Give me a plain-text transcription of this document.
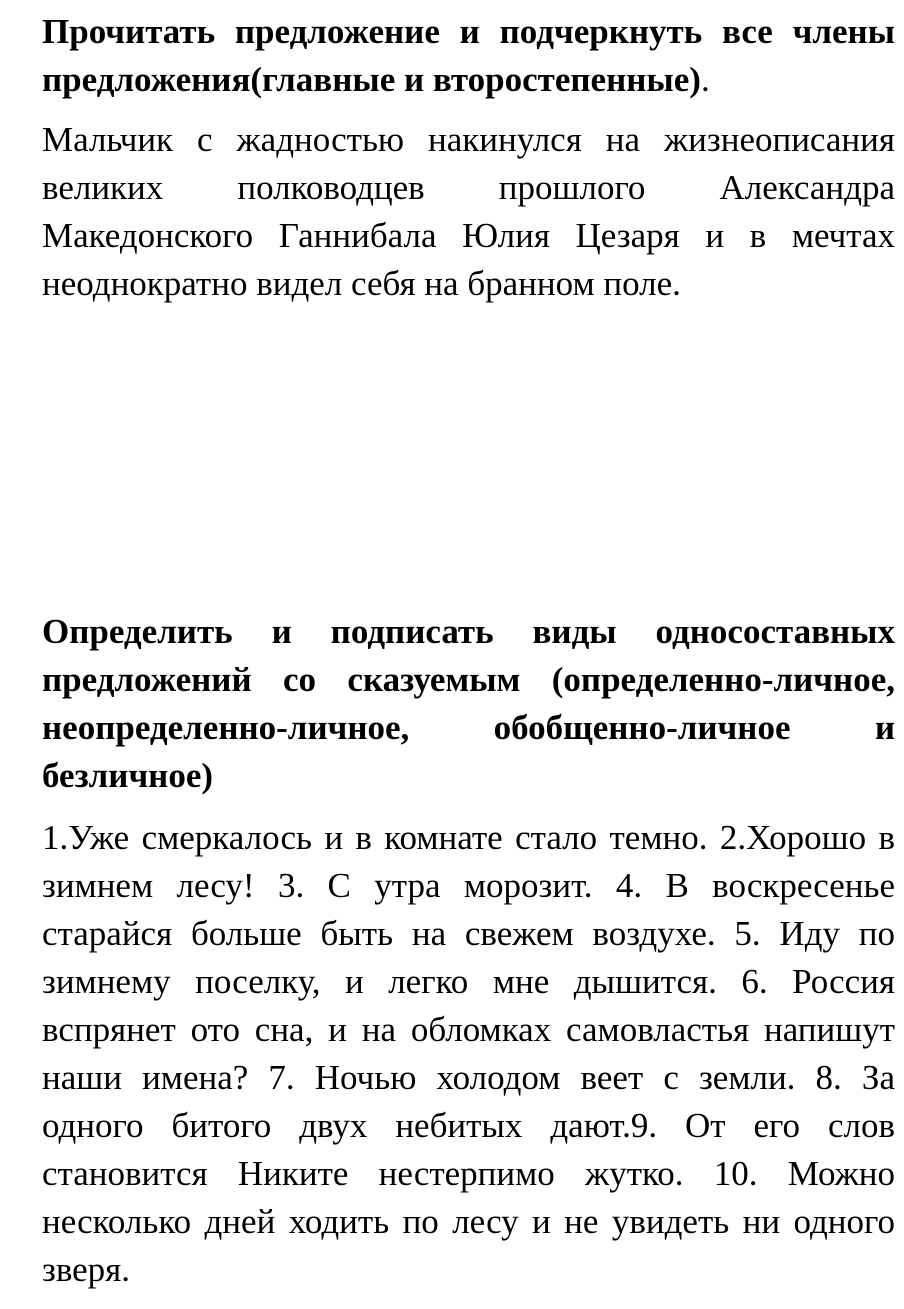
Прочитать предложение и подчеркнуть все члены предложения(главные и второстепенные).

Мальчик с жадностью накинулся на жизнеописания великих полководцев прошлого Александра Македонского Ганнибала Юлия Цезаря и в мечтах неоднократно видел себя на бранном поле.

Определить и подписать виды односоставных предложений со сказуемым (определенно-личное, неопределенно-личное, обобщенно-личное и безличное)

1.Уже смеркалось и в комнате стало темно. 2.Хорошо в зимнем лесу! 3. С утра морозит. 4. В воскресенье старайся больше быть на свежем воздухе. 5. Иду по зимнему поселку, и легко мне дышится. 6. Россия вспрянет ото сна, и на обломках самовластья напишут наши имена? 7. Ночью холодом веет с земли. 8. За одного битого двух небитых дают.9. От его слов становится Никите нестерпимо жутко. 10. Можно несколько дней ходить по лесу и не увидеть ни одного зверя.
